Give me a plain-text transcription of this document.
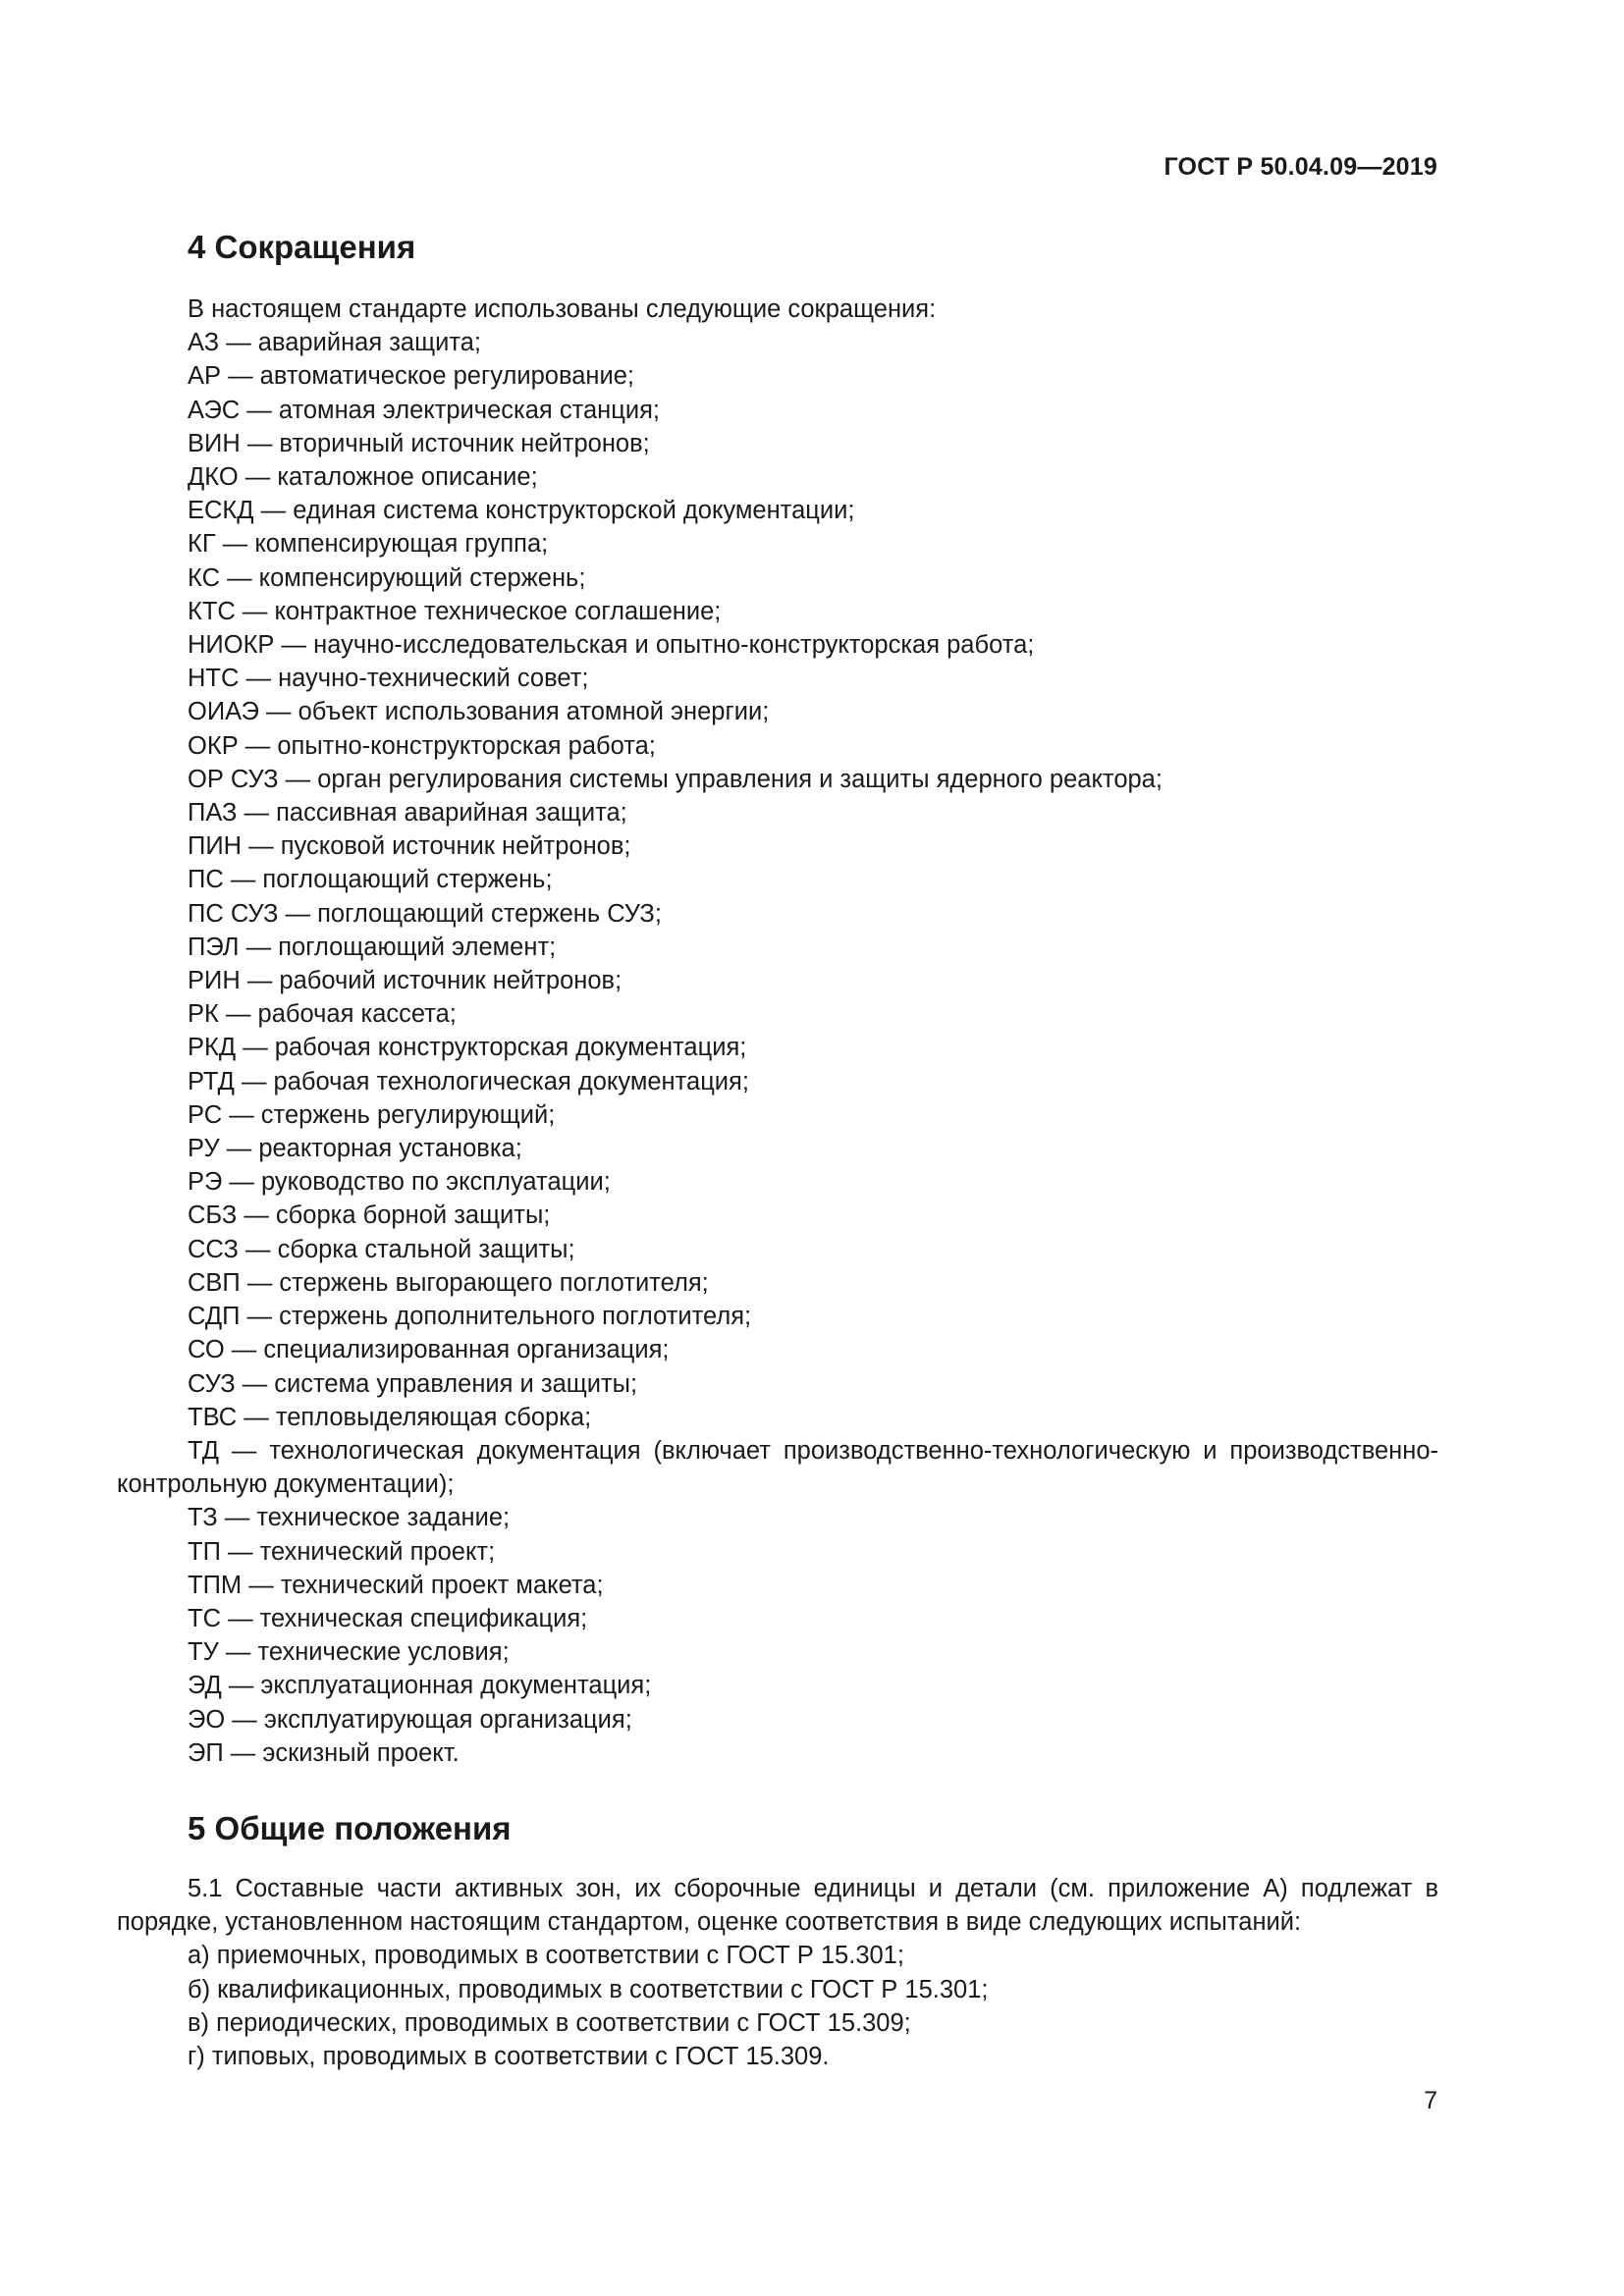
ГОСТ Р 50.04.09—2019
4 Сокращения
В настоящем стандарте использованы следующие сокращения:
АЗ — аварийная защита;
АР — автоматическое регулирование;
АЭС — атомная электрическая станция;
ВИН — вторичный источник нейтронов;
ДКО — каталожное описание;
ЕСКД — единая система конструкторской документации;
КГ — компенсирующая группа;
КС — компенсирующий стержень;
КТС — контрактное техническое соглашение;
НИОКР — научно-исследовательская и опытно-конструкторская работа;
НТС — научно-технический совет;
ОИАЭ — объект использования атомной энергии;
ОКР — опытно-конструкторская работа;
ОР СУЗ — орган регулирования системы управления и защиты ядерного реактора;
ПАЗ — пассивная аварийная защита;
ПИН — пусковой источник нейтронов;
ПС — поглощающий стержень;
ПС СУЗ — поглощающий стержень СУЗ;
ПЭЛ — поглощающий элемент;
РИН — рабочий источник нейтронов;
РК — рабочая кассета;
РКД — рабочая конструкторская документация;
РТД — рабочая технологическая документация;
РС — стержень регулирующий;
РУ — реакторная установка;
РЭ — руководство по эксплуатации;
СБЗ — сборка борной защиты;
ССЗ — сборка стальной защиты;
СВП — стержень выгорающего поглотителя;
СДП — стержень дополнительного поглотителя;
СО — специализированная организация;
СУЗ — система управления и защиты;
ТВС — тепловыделяющая сборка;
ТД — технологическая документация (включает производственно-технологическую и производственно-контрольную документации);
ТЗ — техническое задание;
ТП — технический проект;
ТПМ — технический проект макета;
ТС — техническая спецификация;
ТУ — технические условия;
ЭД — эксплуатационная документация;
ЭО — эксплуатирующая организация;
ЭП — эскизный проект.
5 Общие положения

5.1 Составные части активных зон, их сборочные единицы и детали (см. приложение А) подлежат в порядке, установленном настоящим стандартом, оценке соответствия в виде следующих испытаний:

а) приемочных, проводимых в соответствии с ГОСТ Р 15.301;
б) квалификационных, проводимых в соответствии с ГОСТ Р 15.301;
в) периодических, проводимых в соответствии с ГОСТ 15.309;
г) типовых, проводимых в соответствии с ГОСТ 15.309.
7
